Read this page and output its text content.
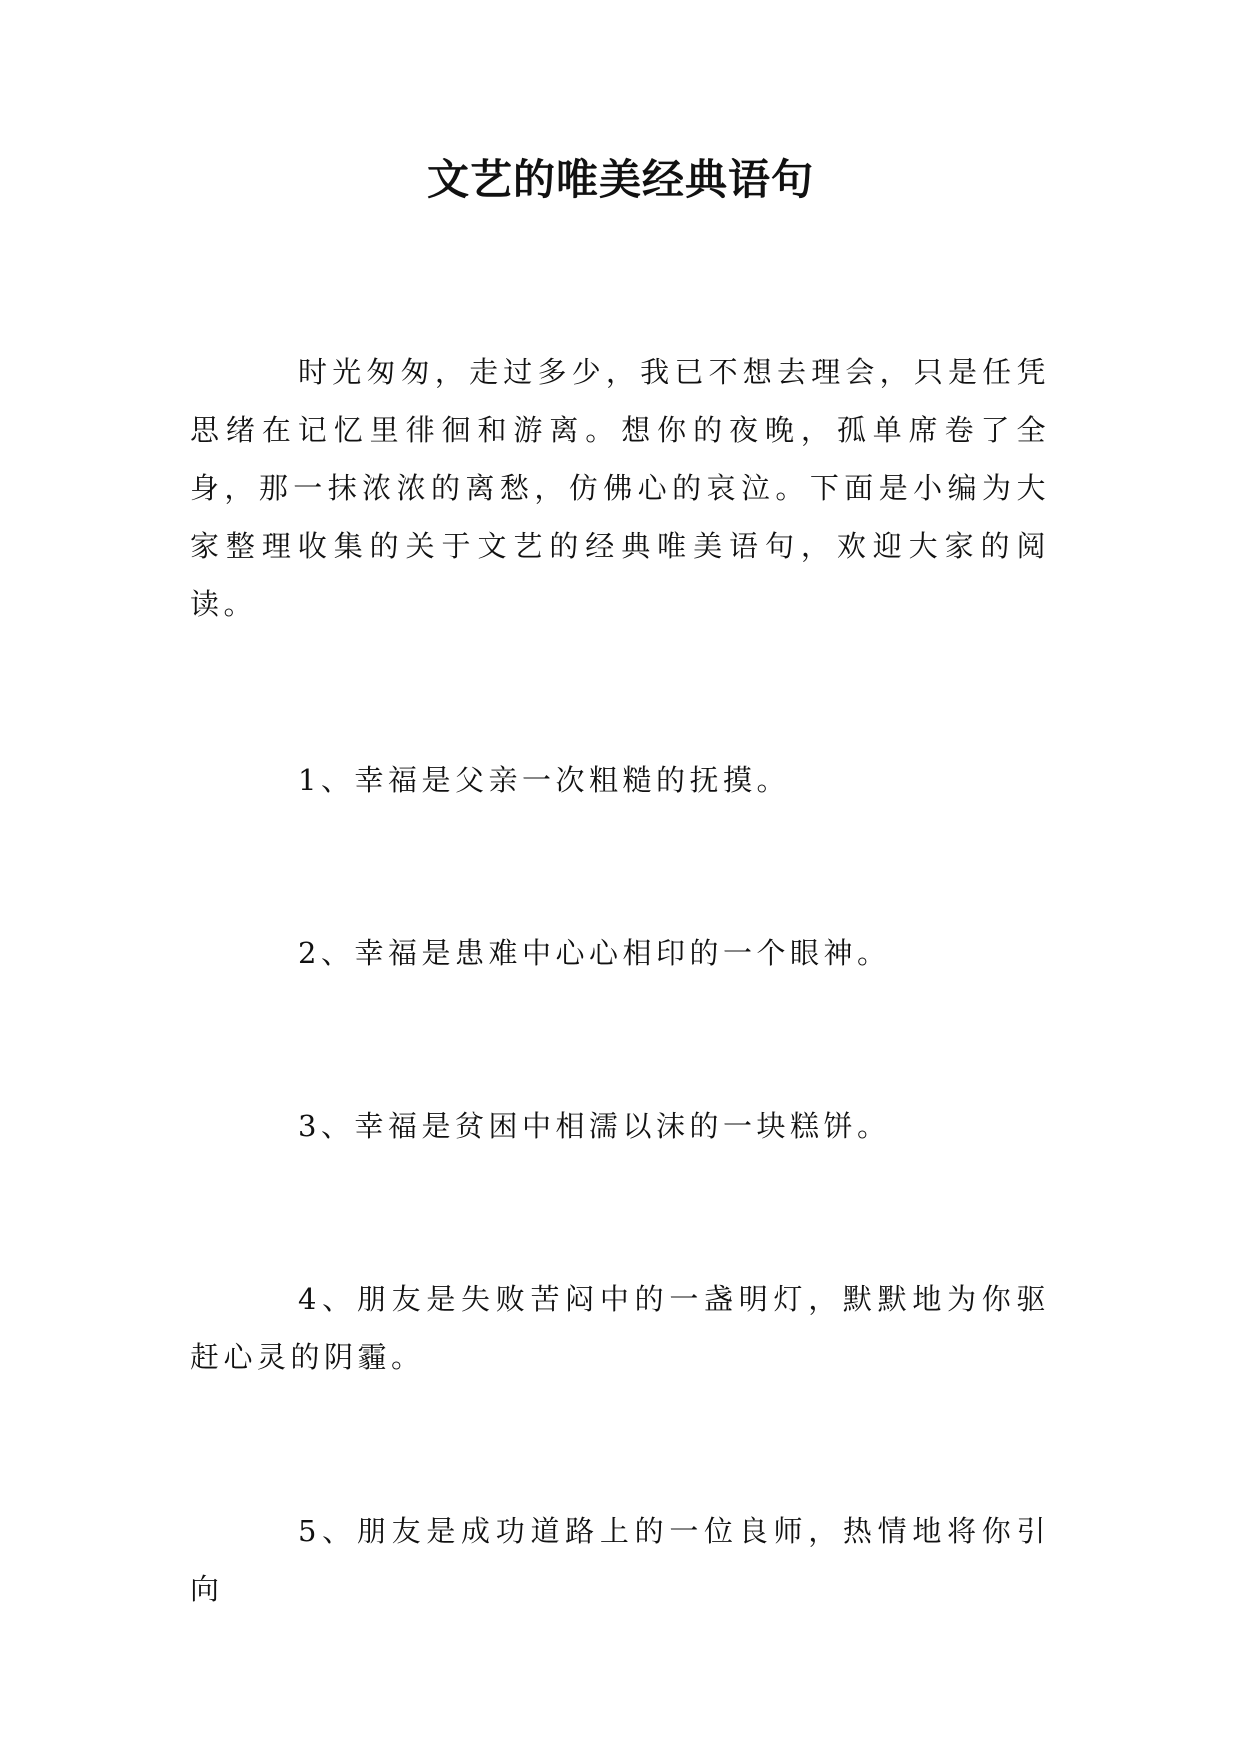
文艺的唯美经典语句

时光匆匆，走过多少，我已不想去理会，只是任凭思绪在记忆里徘徊和游离。想你的夜晚，孤单席卷了全身，那一抹浓浓的离愁，仿佛心的哀泣。下面是小编为大家整理收集的关于文艺的经典唯美语句，欢迎大家的阅读。

1、幸福是父亲一次粗糙的抚摸。

2、幸福是患难中心心相印的一个眼神。

3、幸福是贫困中相濡以沫的一块糕饼。

4、朋友是失败苦闷中的一盏明灯，默默地为你驱赶心灵的阴霾。

5、朋友是成功道路上的一位良师，热情地将你引向
